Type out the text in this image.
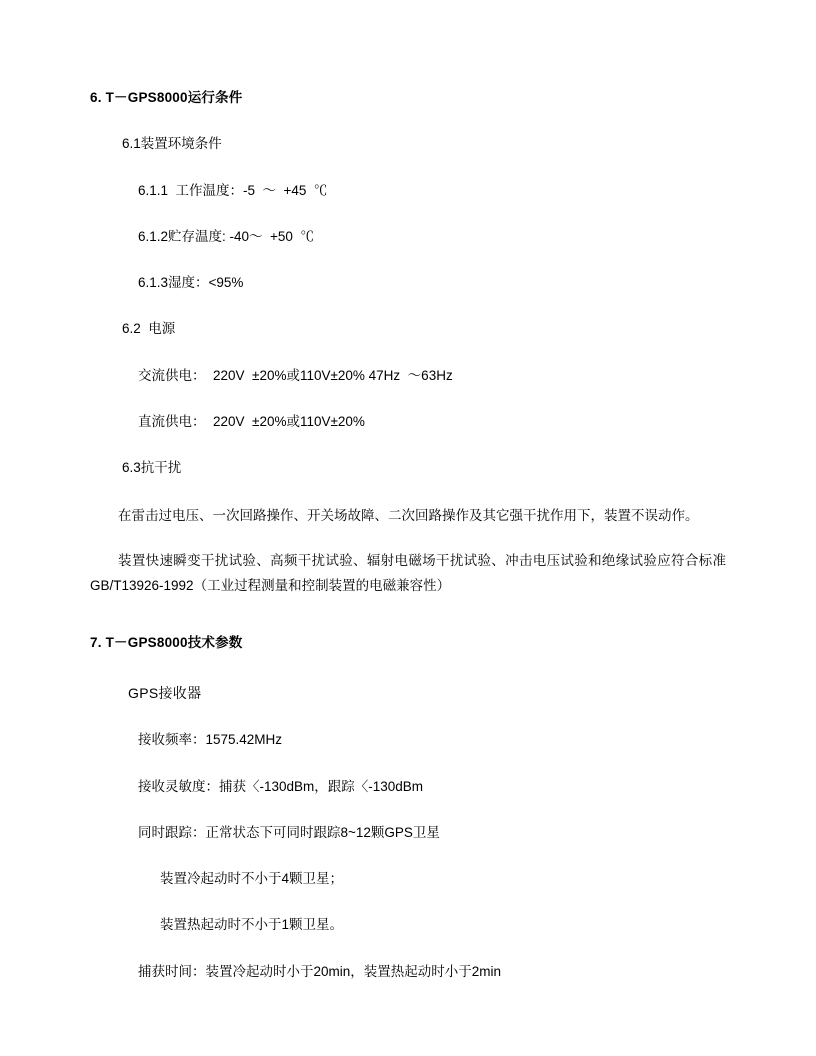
6. T－GPS8000运行条件
6.1装置环境条件
6.1.1  工作温度：-5  ～  +45  ℃
6.1.2贮存温度: -40～  +50  ℃
6.1.3湿度：<95%
6.2  电源
交流供电：  220V  ±20%或110V±20% 47Hz  ～63Hz
直流供电：  220V  ±20%或110V±20%
6.3抗干扰
在雷击过电压、一次回路操作、开关场故障、二次回路操作及其它强干扰作用下，装置不误动作。
装置快速瞬变干扰试验、高频干扰试验、辐射电磁场干扰试验、冲击电压试验和绝缘试验应符合标准GB/T13926-1992（工业过程测量和控制装置的电磁兼容性）
7. T－GPS8000技术参数
GPS接收器
接收频率：1575.42MHz
接收灵敏度：捕获〈-130dBm，跟踪〈-130dBm
同时跟踪：正常状态下可同时跟踪8~12颗GPS卫星
装置冷起动时不小于4颗卫星；
装置热起动时不小于1颗卫星。
捕获时间：装置冷起动时小于20min，装置热起动时小于2min
